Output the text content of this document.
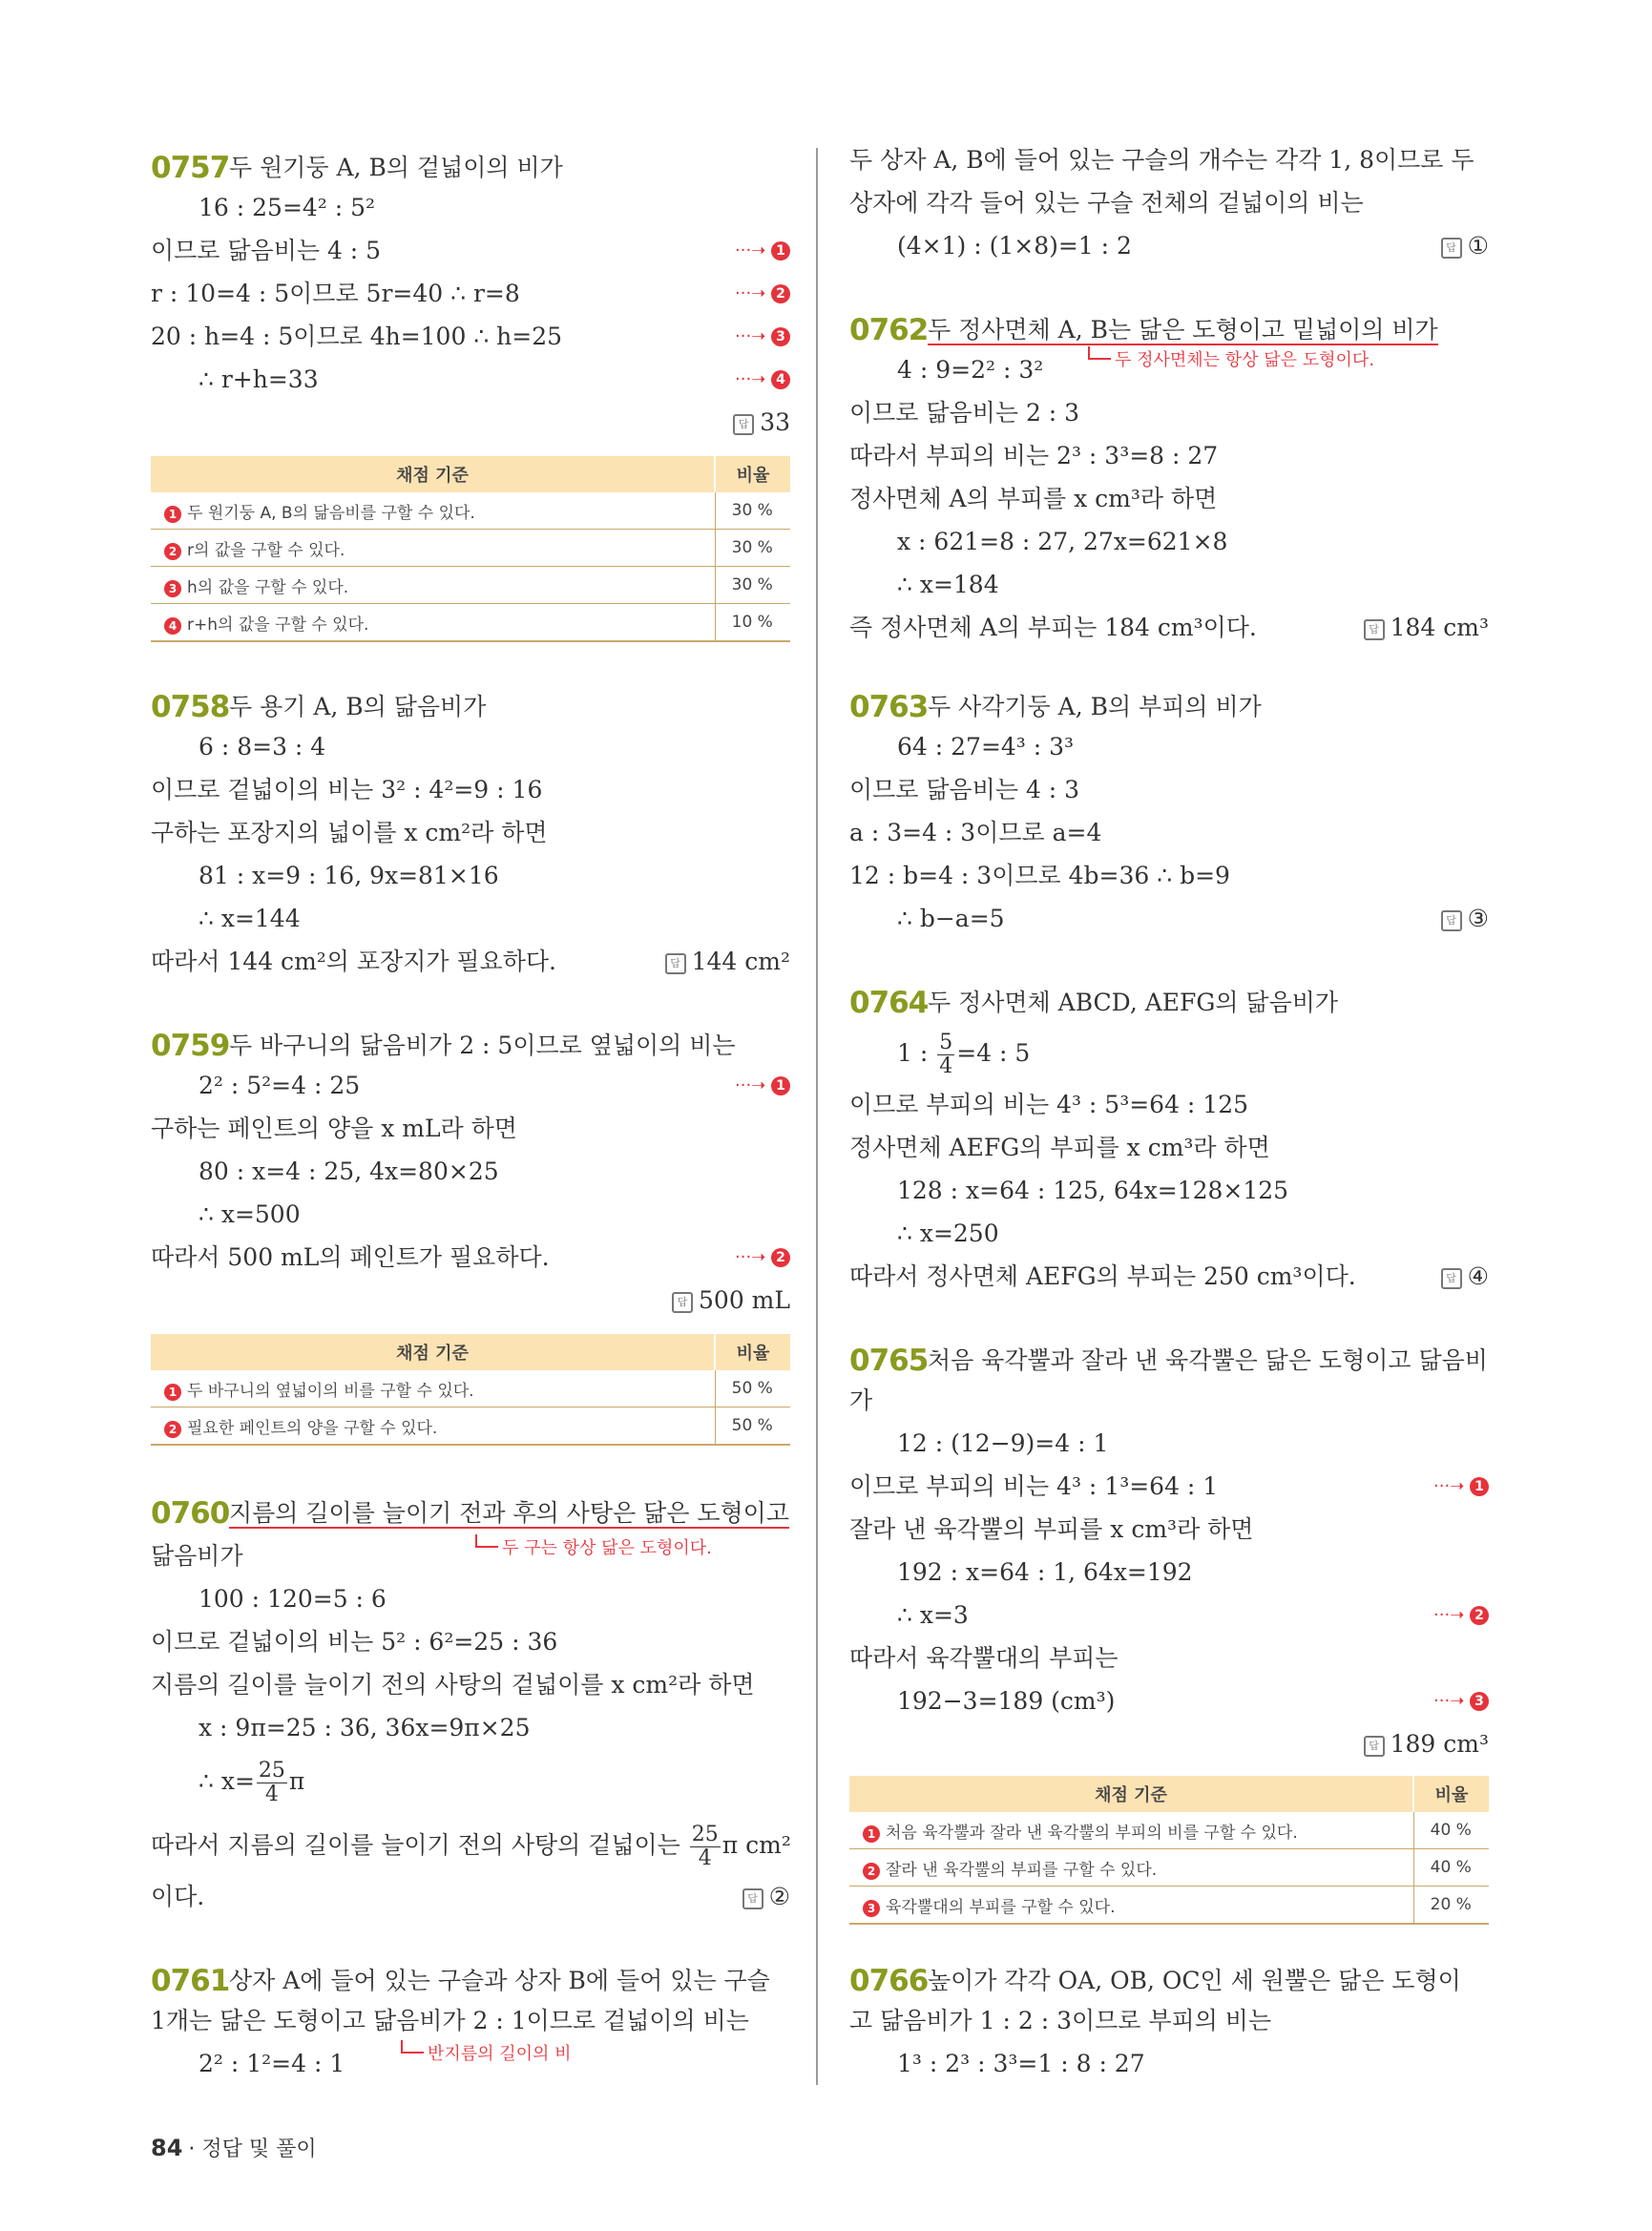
0757 두 원기둥 A, B의 겉넓이의 비가
16 : 25=4² : 5²
이므로 닮음비는 4 : 5	···➝ 1
r : 10=4 : 5이므로 5r=40 ∴ r=8	···➝ 2
20 : h=4 : 5이므로 4h=100 ∴ h=25	···➝ 3
∴ r+h=33	···➝ 4
답 33
채점 기준	비율
1 두 원기둥 A, B의 닮음비를 구할 수 있다.	30 %
2 r의 값을 구할 수 있다.	30 %
3 h의 값을 구할 수 있다.	30 %
4 r+h의 값을 구할 수 있다.	10 %
0758 두 용기 A, B의 닮음비가
6 : 8=3 : 4
이므로 겉넓이의 비는 3² : 4²=9 : 16
구하는 포장지의 넓이를 x cm²라 하면
81 : x=9 : 16, 9x=81×16
∴ x=144
따라서 144 cm²의 포장지가 필요하다.	답 144 cm²
0759 두 바구니의 닮음비가 2 : 5이므로 옆넓이의 비는
2² : 5²=4 : 25	···➝ 1
구하는 페인트의 양을 x mL라 하면
80 : x=4 : 25, 4x=80×25
∴ x=500
따라서 500 mL의 페인트가 필요하다.	···➝ 2
답 500 mL
채점 기준	비율
1 두 바구니의 옆넓이의 비를 구할 수 있다.	50 %
2 필요한 페인트의 양을 구할 수 있다.	50 %
0760 지름의 길이를 늘이기 전과 후의 사탕은 닮은 도형이고
두 구는 항상 닮은 도형이다.
닮음비가
100 : 120=5 : 6
이므로 겉넓이의 비는 5² : 6²=25 : 36
지름의 길이를 늘이기 전의 사탕의 겉넓이를 x cm²라 하면
x : 9π=25 : 36, 36x=9π×25
∴ $x= \frac{25}{4}$ π
따라서 지름의 길이를 늘이기 전의 사탕의 겉넓이는 $\frac{25}{4}$ π cm²
이다.	답 ②
0761 상자 A에 들어 있는 구슬과 상자 B에 들어 있는 구슬
1개는 닮은 도형이고 닮음비가 2 : 1이므로 겉넓이의 비는
반지름의 길이의 비
2² : 1²=4 : 1
두 상자 A, B에 들어 있는 구슬의 개수는 각각 1, 8이므로 두
상자에 각각 들어 있는 구슬 전체의 겉넓이의 비는
(4×1) : (1×8)=1 : 2	답 ①
0762 두 정사면체 A, B는 닮은 도형이고 밑넓이의 비가
두 정사면체는 항상 닮은 도형이다.
4 : 9=2² : 3²
이므로 닮음비는 2 : 3
따라서 부피의 비는 2³ : 3³=8 : 27
정사면체 A의 부피를 x cm³라 하면
x : 621=8 : 27, 27x=621×8
∴ x=184
즉 정사면체 A의 부피는 184 cm³이다.	답 184 cm³
0763 두 사각기둥 A, B의 부피의 비가
64 : 27=4³ : 3³
이므로 닮음비는 4 : 3
a : 3=4 : 3이므로 a=4
12 : b=4 : 3이므로 4b=36 ∴ b=9
∴ b−a=5	답 ③
0764 두 정사면체 ABCD, AEFG의 닮음비가
1 : $\frac{5}{4} =4$ : 5
이므로 부피의 비는 4³ : 5³=64 : 125
정사면체 AEFG의 부피를 x cm³라 하면
128 : x=64 : 125, 64x=128×125
∴ x=250
따라서 정사면체 AEFG의 부피는 250 cm³이다.	답 ④
0765 처음 육각뿔과 잘라 낸 육각뿔은 닮은 도형이고 닮음비
가
12 : (12−9)=4 : 1
이므로 부피의 비는 4³ : 1³=64 : 1	···➝ 1
잘라 낸 육각뿔의 부피를 x cm³라 하면
192 : x=64 : 1, 64x=192
∴ x=3	···➝ 2
따라서 육각뿔대의 부피는
192−3=189 (cm³)	···➝ 3
답 189 cm³
채점 기준	비율
1 처음 육각뿔과 잘라 낸 육각뿔의 부피의 비를 구할 수 있다.	40 %
2 잘라 낸 육각뿔의 부피를 구할 수 있다.	40 %
3 육각뿔대의 부피를 구할 수 있다.	20 %
0766 높이가 각각 OA, OB, OC인 세 원뿔은 닮은 도형이
고 닮음비가 1 : 2 : 3이므로 부피의 비는
1³ : 2³ : 3³=1 : 8 : 27
84 · 정답 및 풀이
